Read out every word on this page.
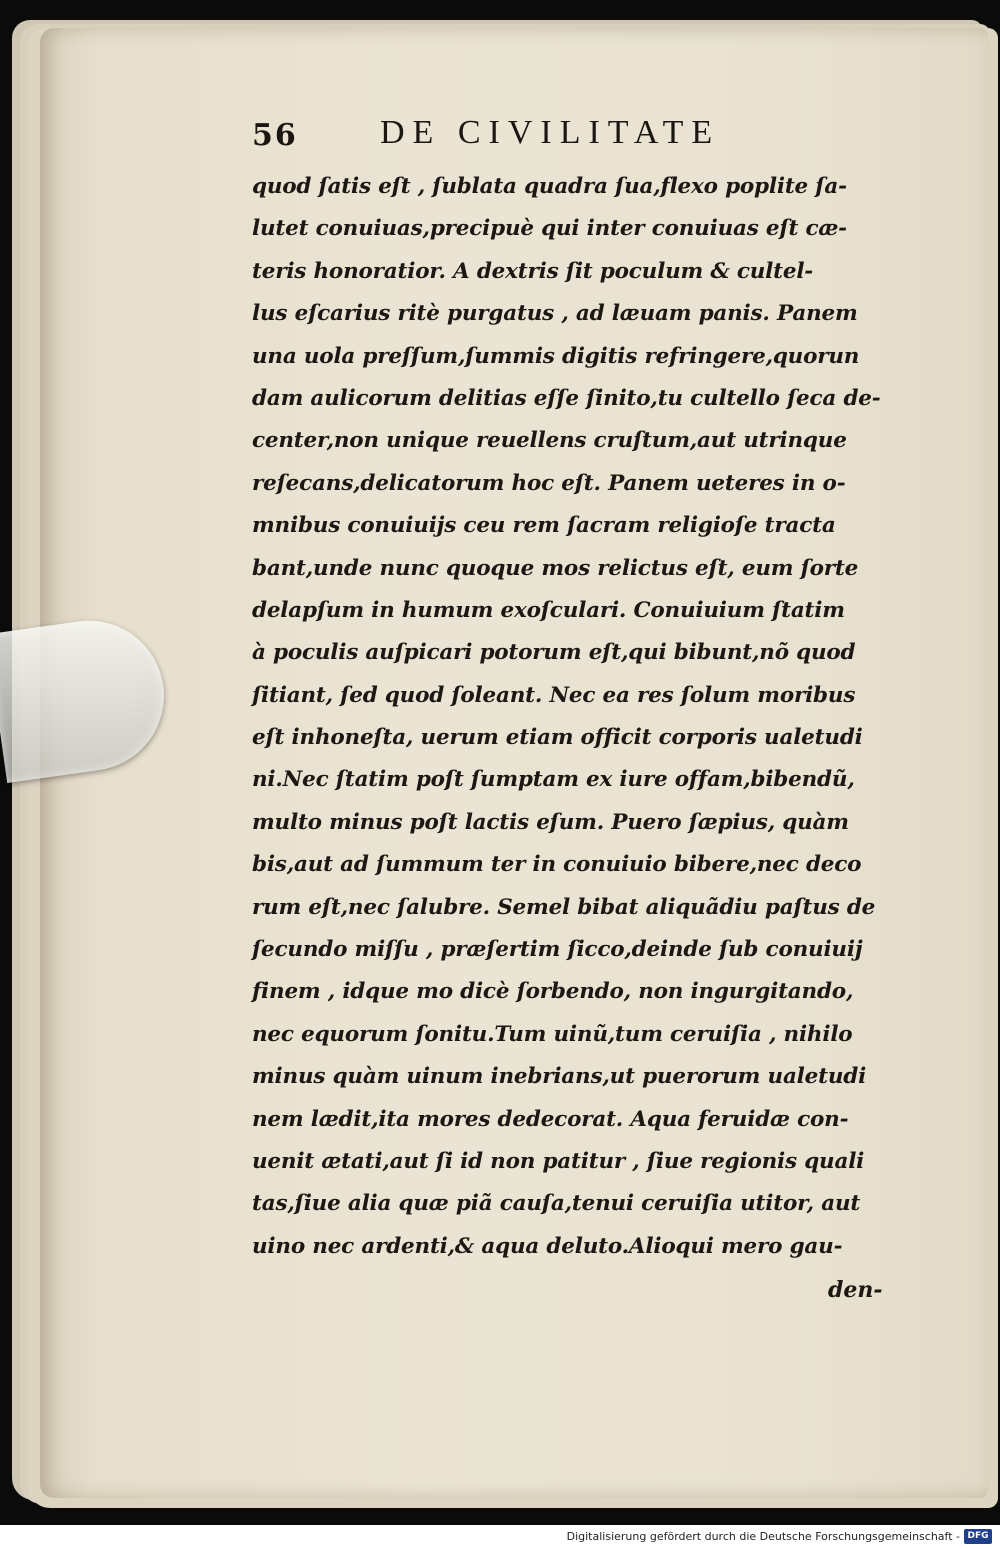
56 DE CIVILITATE
quod ſatis eſt , ſublata quadra ſua,flexo poplite ſa-
lutet conuiuas,precipuè qui inter conuiuas eſt cæ-
teris honoratior. A dextris ſit poculum & cultel-
lus eſcarius ritè purgatus , ad læuam panis. Panem
una uola preſſum,ſummis digitis refringere,quorun
dam aulicorum delitias eſſe ſinito,tu cultello ſeca de-
center,non unique reuellens cruſtum,aut utrinque
reſecans,delicatorum hoc eſt. Panem ueteres in o-
mnibus conuiuijs ceu rem ſacram religioſe tracta
bant,unde nunc quoque mos relictus eſt, eum ſorte
delapſum in humum exoſculari. Conuiuium ſtatim
à poculis auſpicari potorum eſt,qui bibunt,nõ quod
ſitiant, ſed quod ſoleant. Nec ea res ſolum moribus
eſt inhoneſta, uerum etiam officit corporis ualetudi
ni.Nec ſtatim poſt ſumptam ex iure offam,bibendũ,
multo minus poſt lactis eſum. Puero ſæpius, quàm
bis,aut ad ſummum ter in conuiuio bibere,nec deco
rum eſt,nec ſalubre. Semel bibat aliquãdiu paſtus de
ſecundo miſſu , præſertim ſicco,deinde ſub conuiuij
finem , idque mo dicè ſorbendo, non ingurgitando,
nec equorum ſonitu.Tum uinũ,tum ceruiſia , nihilo
minus quàm uinum inebrians,ut puerorum ualetudi
nem lædit,ita mores dedecorat. Aqua feruidæ con-
uenit ætati,aut ſi id non patitur , ſiue regionis quali
tas,ſiue alia quæ piã cauſa,tenui ceruiſia utitor, aut
uino nec ardenti,& aqua deluto.Alioqui mero gau-
den-
Digitalisierung gefördert durch die Deutsche Forschungsgemeinschaft - DFG
